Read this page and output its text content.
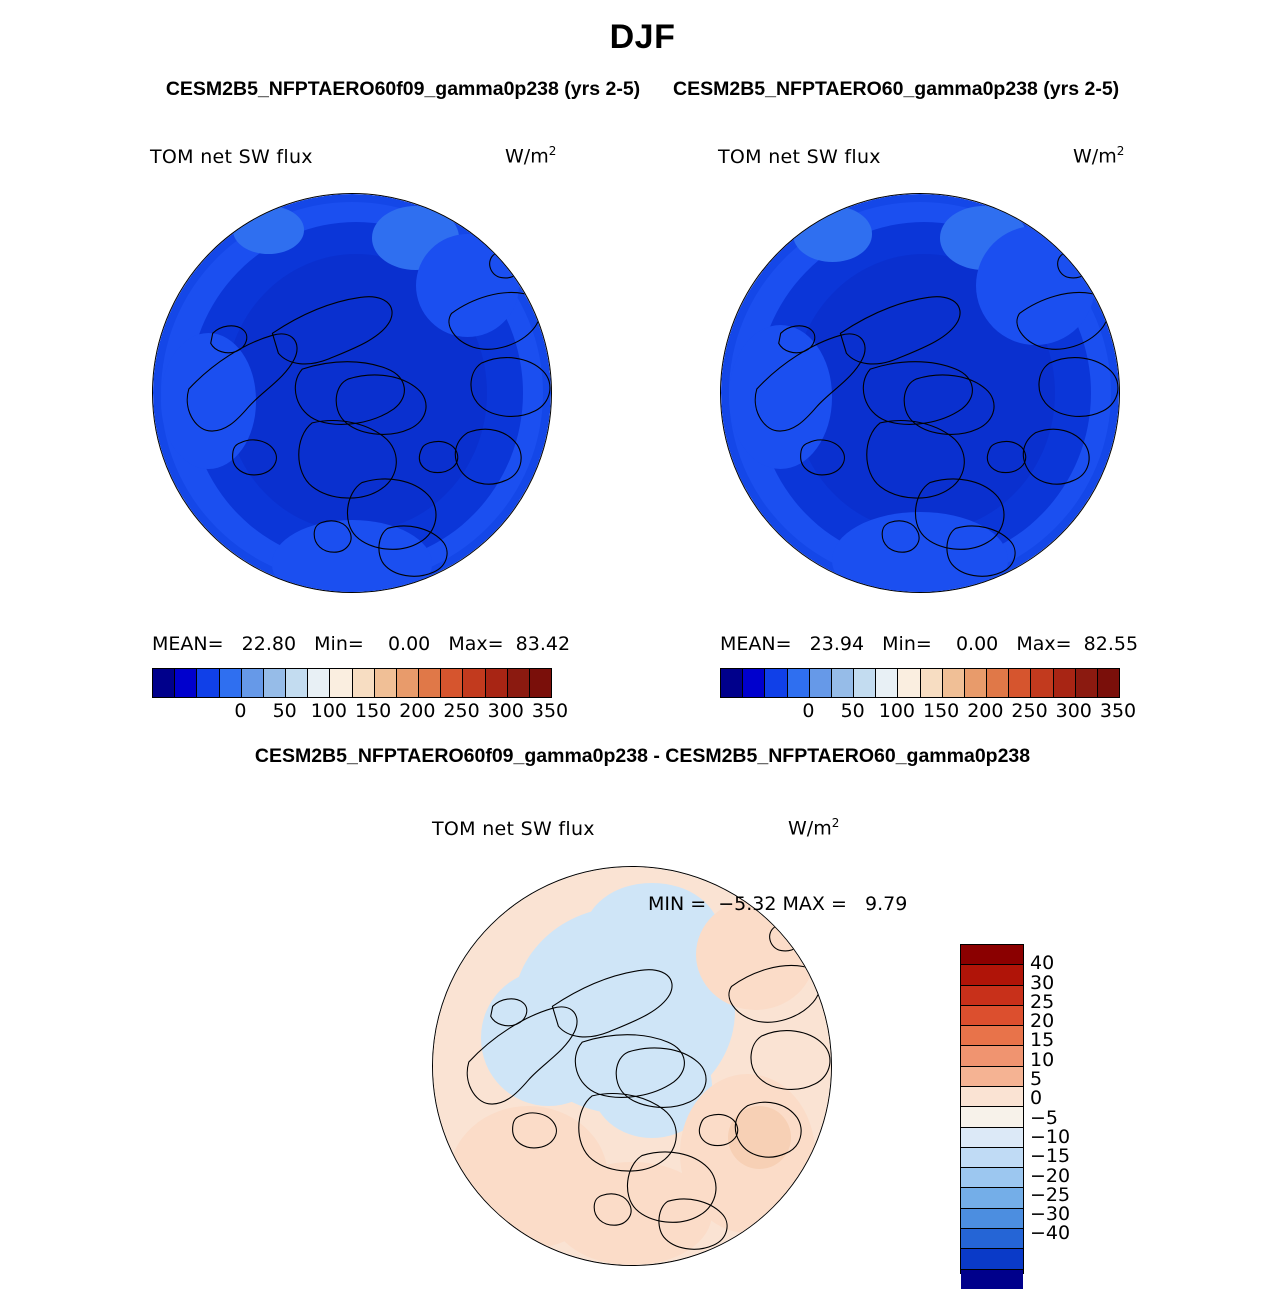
DJF
CESM2B5_NFPTAERO60f09_gamma0p238 (yrs 2-5) CESM2B5_NFPTAERO60_gamma0p238 (yrs 2-5)
TOM net SW flux	$W/m^2$
MEAN=   22.80   Min=    0.00   Max=  83.42
0 50 100 150 200 250 300 350
TOM net SW flux	$W/m^2$
MEAN=   23.94   Min=    0.00   Max=  82.55
0 50 100 150 200 250 300 350
CESM2B5_NFPTAERO60f09_gamma0p238 - CESM2B5_NFPTAERO60_gamma0p238
TOM net SW flux	$W/m^2$
MIN =  −5.32 MAX =   9.79
40
30
25
20
15
10
5
0
−5
−10
−15
−20
−25
−30
−40
